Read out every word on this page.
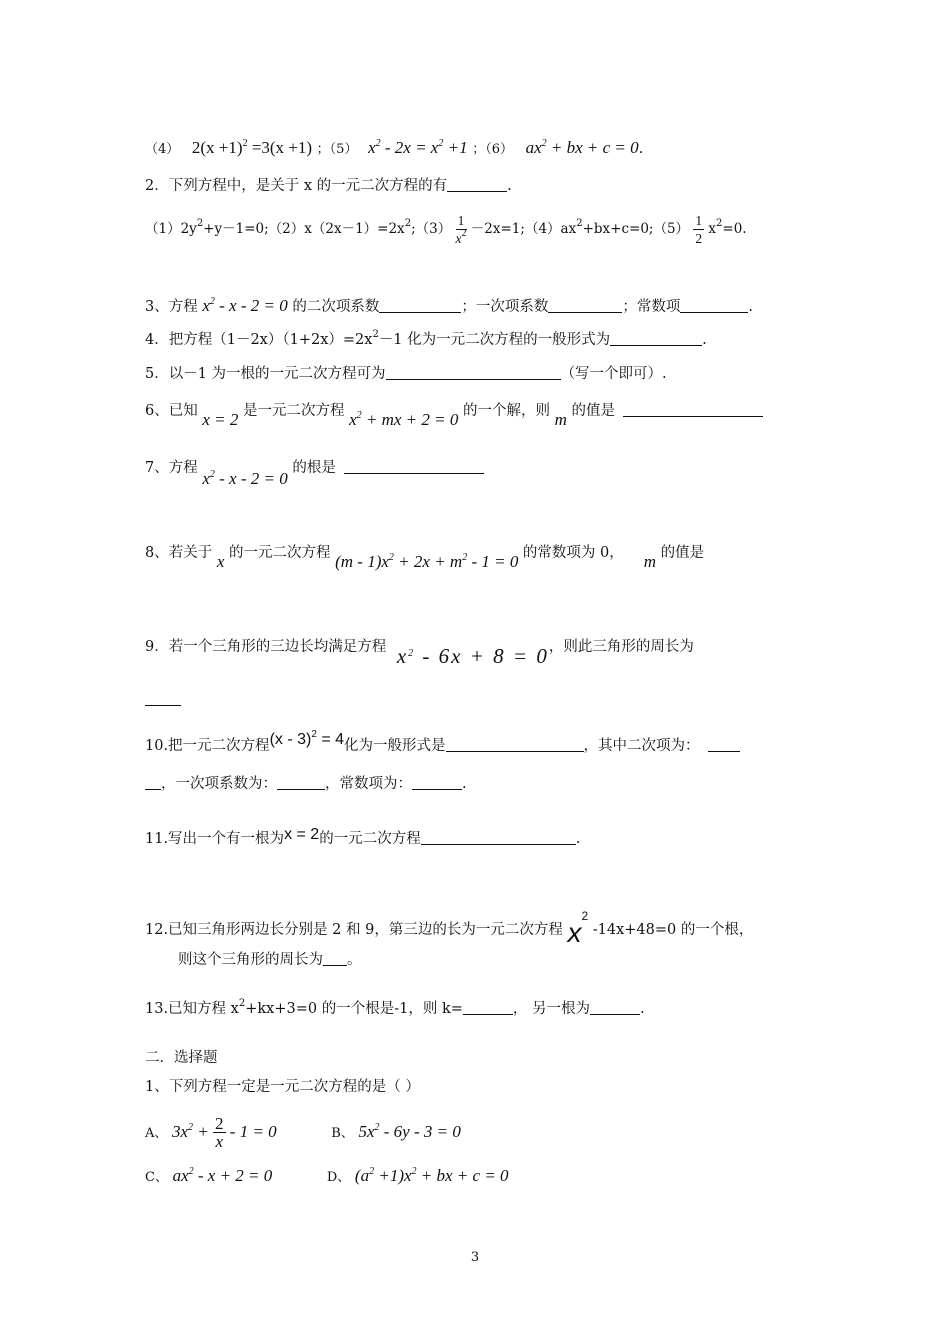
（4） $2(x +1)^2 =3(x +1)$ ；（5） $x^2 - 2x = x^2 +1$ ；（6） $ax^2$ + bx + c = 0.
2．下列方程中，是关于 x 的一元二次方程的有	.
$(1)2y^2+y-1=0;(2)x(2x-1)=2x^2;(3) \frac{1}{x^2}$ $-2x=1;(4)ax^2+bx+c=0;(5) \frac{1}{2} x^2=0$.
3、方程 $x^2 - x - 2 = 0$ 的二次项系数	；一次项系数	；常数项	.
4．把方程$(1-2x)(1+2x)=2x^2-1$ 化为一元二次方程的一般形式为	.
5．以－1 为一根的一元二次方程可为	（写一个即可）.
6、已知 x = 2 是一元二次方程 $x^2$ + mx + 2 = 0 的一个解，则 m 的值是
7、方程 $x^2 - x - 2 = 0$ 的根是
8、若关于 x 的一元二次方程 $(m - 1)x^2 + 2x + m^2 - 1 = 0$ 的常数项为 0， m 的值是
9．若一个三角形的三边长均满足方程 $x^2 - 6x + 8 = 0$，则此三角形的周长为
10.把一元二次方程(x - 3)$^2$ = 4化为一般形式是	，其中二次项为：
，一次项系数为：	，常数项为：	.
11.写出一个有一根为x = 2的一元二次方程	.
12.已知三角形两边长分别是 2 和 9，第三边的长为一元二次方程 $x^2$ -14x+48=0 的一个根，
则这个三角形的周长为 。
13.已知方程 $x^2+kx+3=0$ 的一个根是-1，则 k=	， 另一根为	.
二．选择题
1、下列方程一定是一元二次方程的是（ ）
A、 $3x^2 + \frac{2}{x} - 1 = 0$	B、 $5x^2 - 6y - 3 = 0$
C、 $ax^2 - x + 2 = 0$	D、 $(a^2 +1)x^2$ + bx + c = 0
3
